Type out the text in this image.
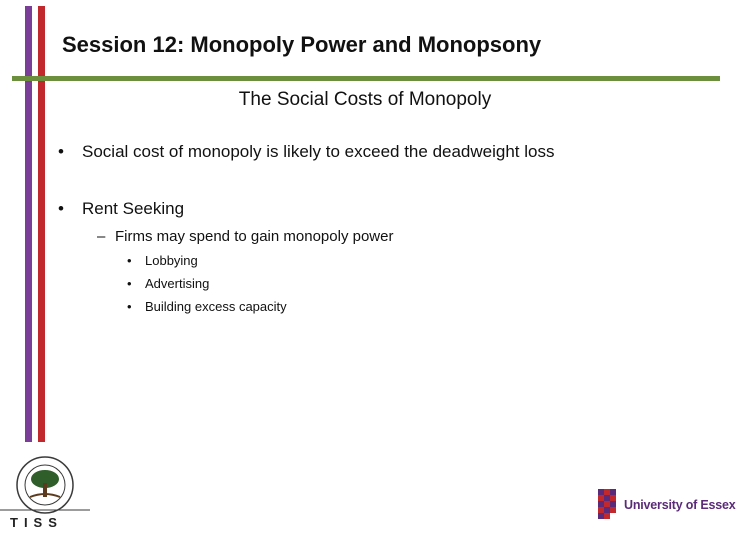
Session 12: Monopoly Power and Monopsony
The Social Costs of Monopoly
• Social cost of monopoly is likely to exceed the deadweight loss
• Rent Seeking
– Firms may spend to gain monopoly power
• Lobbying
• Advertising
• Building excess capacity
TISS
University of Essex
